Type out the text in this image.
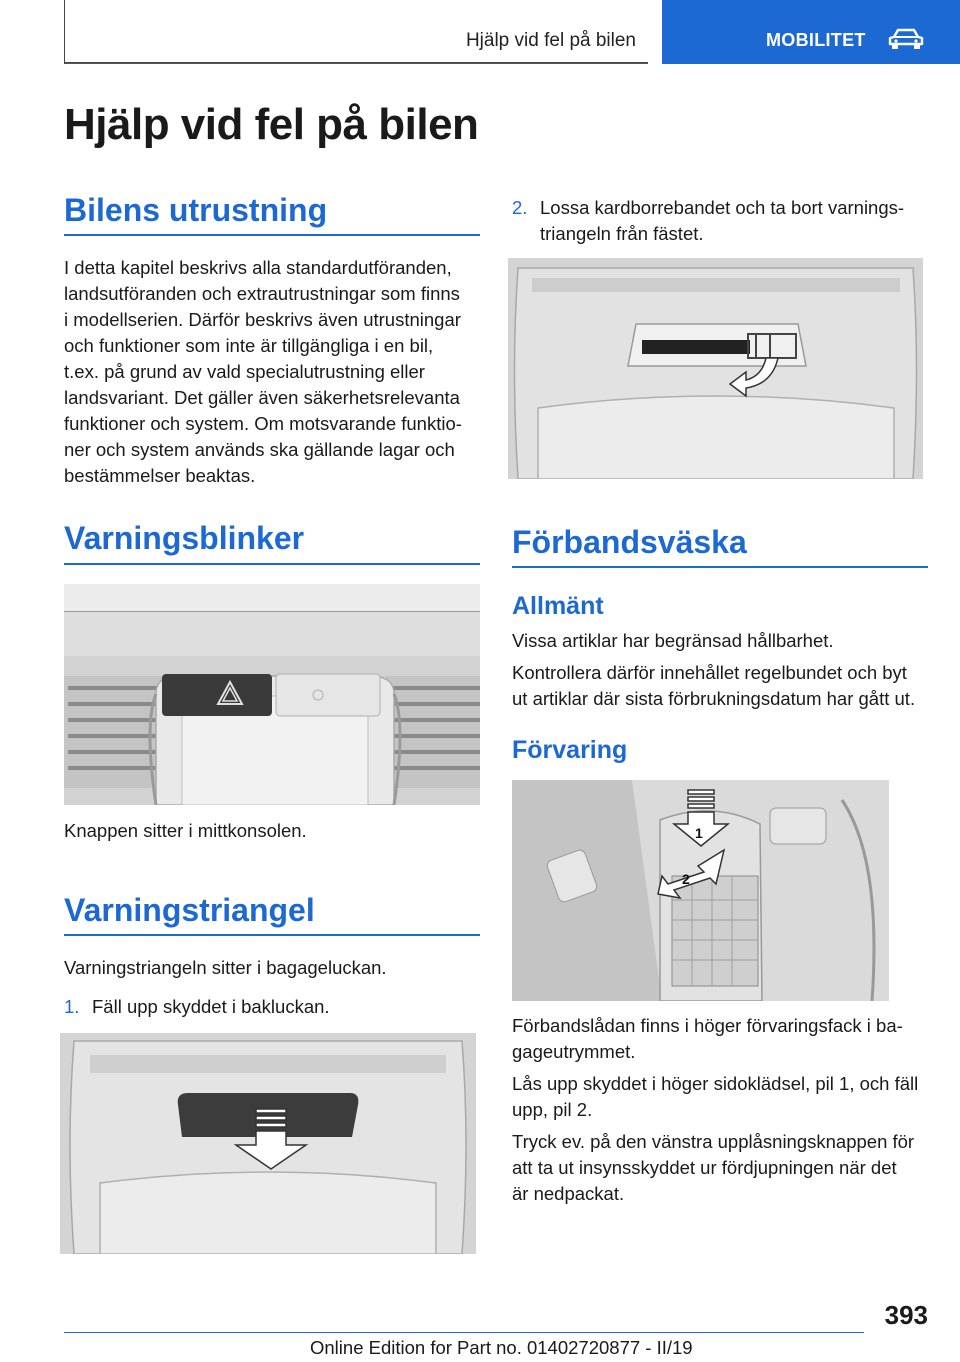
Hjälp vid fel på bilen	MOBILITET
Hjälp vid fel på bilen
Bilens utrustning
I detta kapitel beskrivs alla standardutföranden,
landsutföranden och extrautrustningar som finns
i modellserien. Därför beskrivs även utrustningar
och funktioner som inte är tillgängliga i en bil,
t.ex. på grund av vald specialutrustning eller
landsvariant. Det gäller även säkerhetsrelevanta
funktioner och system. Om motsvarande funktio‐
ner och system används ska gällande lagar och
bestämmelser beaktas.
Varningsblinker

Knappen sitter i mittkonsolen.

Varningstriangel

Varningstriangeln sitter i bagageluckan.

1. Fäll upp skyddet i bakluckan.

2. Lossa kardborrebandet och ta bort varnings‐
triangeln från fästet.
Förbandsväska
Allmänt

Vissa artiklar har begränsad hållbarhet.

Kontrollera därför innehållet regelbundet och byt
ut artiklar där sista förbrukningsdatum har gått ut.
Förvaring
1
2
Förbandslådan finns i höger förvaringsfack i ba‐
gageutrymmet.
Lås upp skyddet i höger sidoklädsel, pil 1, och fäll
upp, pil 2.
Tryck ev. på den vänstra upplåsningsknappen för
att ta ut insynsskyddet ur fördjupningen när det
är nedpackat.
393
Online Edition for Part no. 01402720877 - II/19
